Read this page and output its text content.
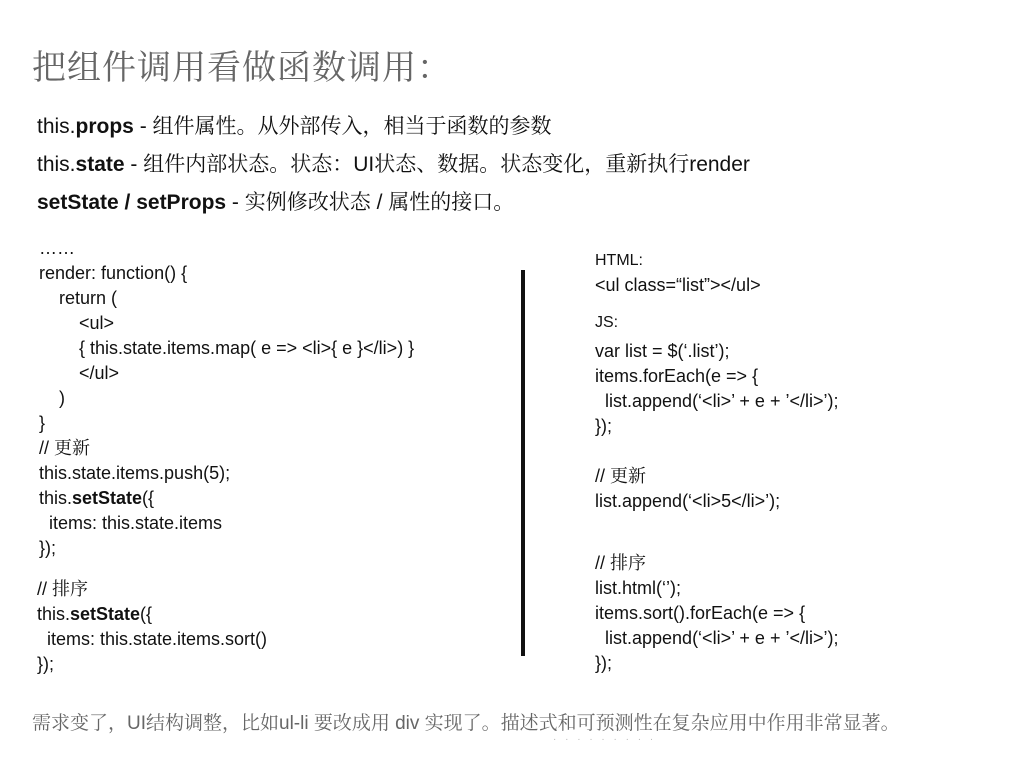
把组件调用看做函数调用：
this.props - 组件属性。从外部传入，相当于函数的参数
this.state - 组件内部状态。状态：UI状态、数据。状态变化，重新执行render
setState / setProps - 实例修改状态 / 属性的接口。
……
render: function() {
return (
<ul>
{ this.state.items.map( e => <li>{ e }</li>) }
</ul>
)
}
// 更新
this.state.items.push(5);
this.setState({
items: this.state.items
});
// 排序
this.setState({
items: this.state.items.sort()
});
HTML:
<ul class=“list”></ul>
JS:
var list = $(‘.list’);
items.forEach(e => {
list.append(‘<li>’ + e + ’</li>’);
});
// 更新
list.append(‘<li>5</li>’);
// 排序
list.html(‘’);
items.sort().forEach(e => {
list.append(‘<li>’ + e + ’</li>’);
});
需求变了，UI结构调整，比如ul-li 要改成用 div 实现了。描述式和可预测性在复杂应用中作用非常显著。
· · · · · · · · ·
